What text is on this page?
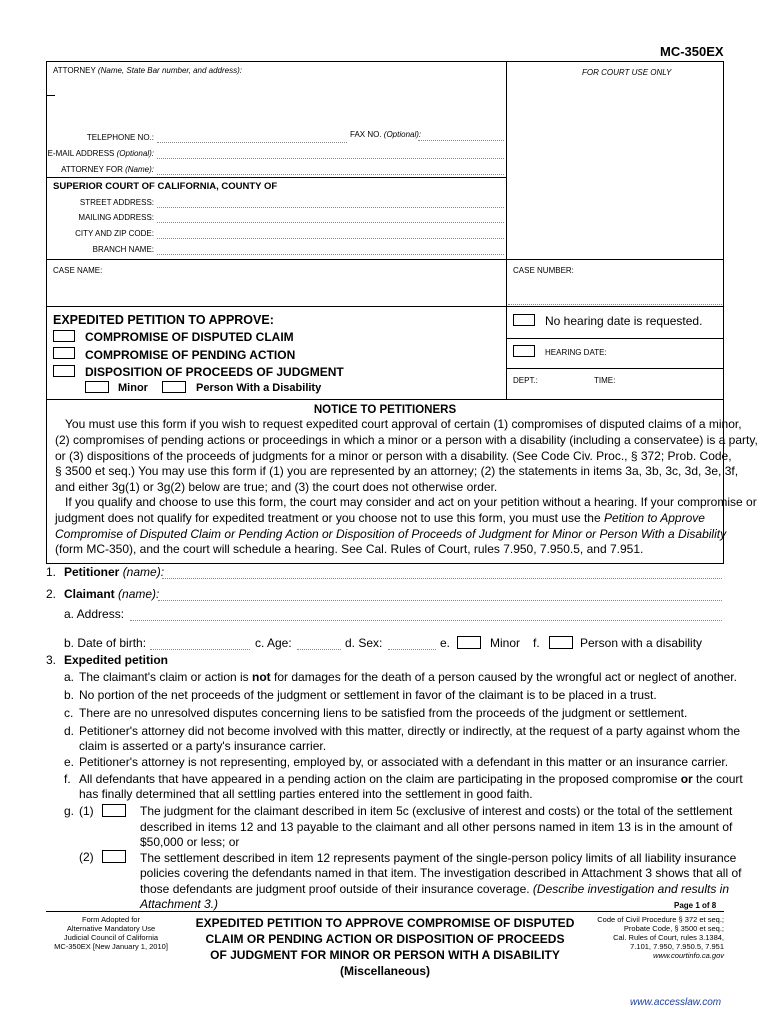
MC-350EX
ATTORNEY (Name, State Bar number, and address):	FOR COURT USE ONLY
TELEPHONE NO.:	FAX NO. (Optional):
E-MAIL ADDRESS (Optional):
ATTORNEY FOR (Name):
SUPERIOR COURT OF CALIFORNIA, COUNTY OF
STREET ADDRESS:
MAILING ADDRESS:
CITY AND ZIP CODE:
BRANCH NAME:
CASE NAME:	CASE NUMBER:
EXPEDITED PETITION TO APPROVE:
COMPROMISE OF DISPUTED CLAIM
COMPROMISE OF PENDING ACTION
DISPOSITION OF PROCEEDS OF JUDGMENT
Minor	Person With a Disability
No hearing date is requested.
HEARING DATE:
DEPT.:	TIME:
NOTICE TO PETITIONERS
You must use this form if you wish to request expedited court approval of certain (1) compromises of disputed claims of a minor,
(2) compromises of pending actions or proceedings in which a minor or a person with a disability (including a conservatee) is a party,
or (3) dispositions of the proceeds of judgments for a minor or person with a disability. (See Code Civ. Proc., § 372; Prob. Code,
§ 3500 et seq.) You may use this form if (1) you are represented by an attorney; (2) the statements in items 3a, 3b, 3c, 3d, 3e, 3f,
and either 3g(1) or 3g(2) below are true; and (3) the court does not otherwise order.
If you qualify and choose to use this form, the court may consider and act on your petition without a hearing. If your compromise or
judgment does not qualify for expedited treatment or you choose not to use this form, you must use the Petition to Approve
Compromise of Disputed Claim or Pending Action or Disposition of Proceeds of Judgment for Minor or Person With a Disability
(form MC-350), and the court will schedule a hearing. See Cal. Rules of Court, rules 7.950, 7.950.5, and 7.951.
1. Petitioner (name):
2. Claimant (name):
a. Address:
b. Date of birth:	c. Age:	d. Sex:	e.	Minor f.	Person with a disability
3. Expedited petition
a. The claimant's claim or action is not for damages for the death of a person caused by the wrongful act or neglect of another.
b. No portion of the net proceeds of the judgment or settlement in favor of the claimant is to be placed in a trust.
c. There are no unresolved disputes concerning liens to be satisfied from the proceeds of the judgment or settlement.
d. Petitioner's attorney did not become involved with this matter, directly or indirectly, at the request of a party against whom the
claim is asserted or a party's insurance carrier.
e. Petitioner's attorney is not representing, employed by, or associated with a defendant in this matter or an insurance carrier.
f. All defendants that have appeared in a pending action on the claim are participating in the proposed compromise or the court
has finally determined that all settling parties entered into the settlement in good faith.
g. (1)	The judgment for the claimant described in item 5c (exclusive of interest and costs) or the total of the settlement
described in items 12 and 13 payable to the claimant and all other persons named in item 13 is in the amount of
$50,000 or less; or
(2)	The settlement described in item 12 represents payment of the single-person policy limits of all liability insurance
policies covering the defendants named in that item. The investigation described in Attachment 3 shows that all of
those defendants are judgment proof outside of their insurance coverage. (Describe investigation and results in
Attachment 3.)	Page 1 of 8
Form Adopted for
Alternative Mandatory Use
Judicial Council of California
MC-350EX [New January 1, 2010]
EXPEDITED PETITION TO APPROVE COMPROMISE OF DISPUTED
CLAIM OR PENDING ACTION OR DISPOSITION OF PROCEEDS
OF JUDGMENT FOR MINOR OR PERSON WITH A DISABILITY
(Miscellaneous)
Code of Civil Procedure § 372 et seq.;
Probate Code, § 3500 et seq.;
Cal. Rules of Court, rules 3.1384,
7.101, 7.950, 7.950.5, 7.951
www.courtinfo.ca.gov
www.accesslaw.com
